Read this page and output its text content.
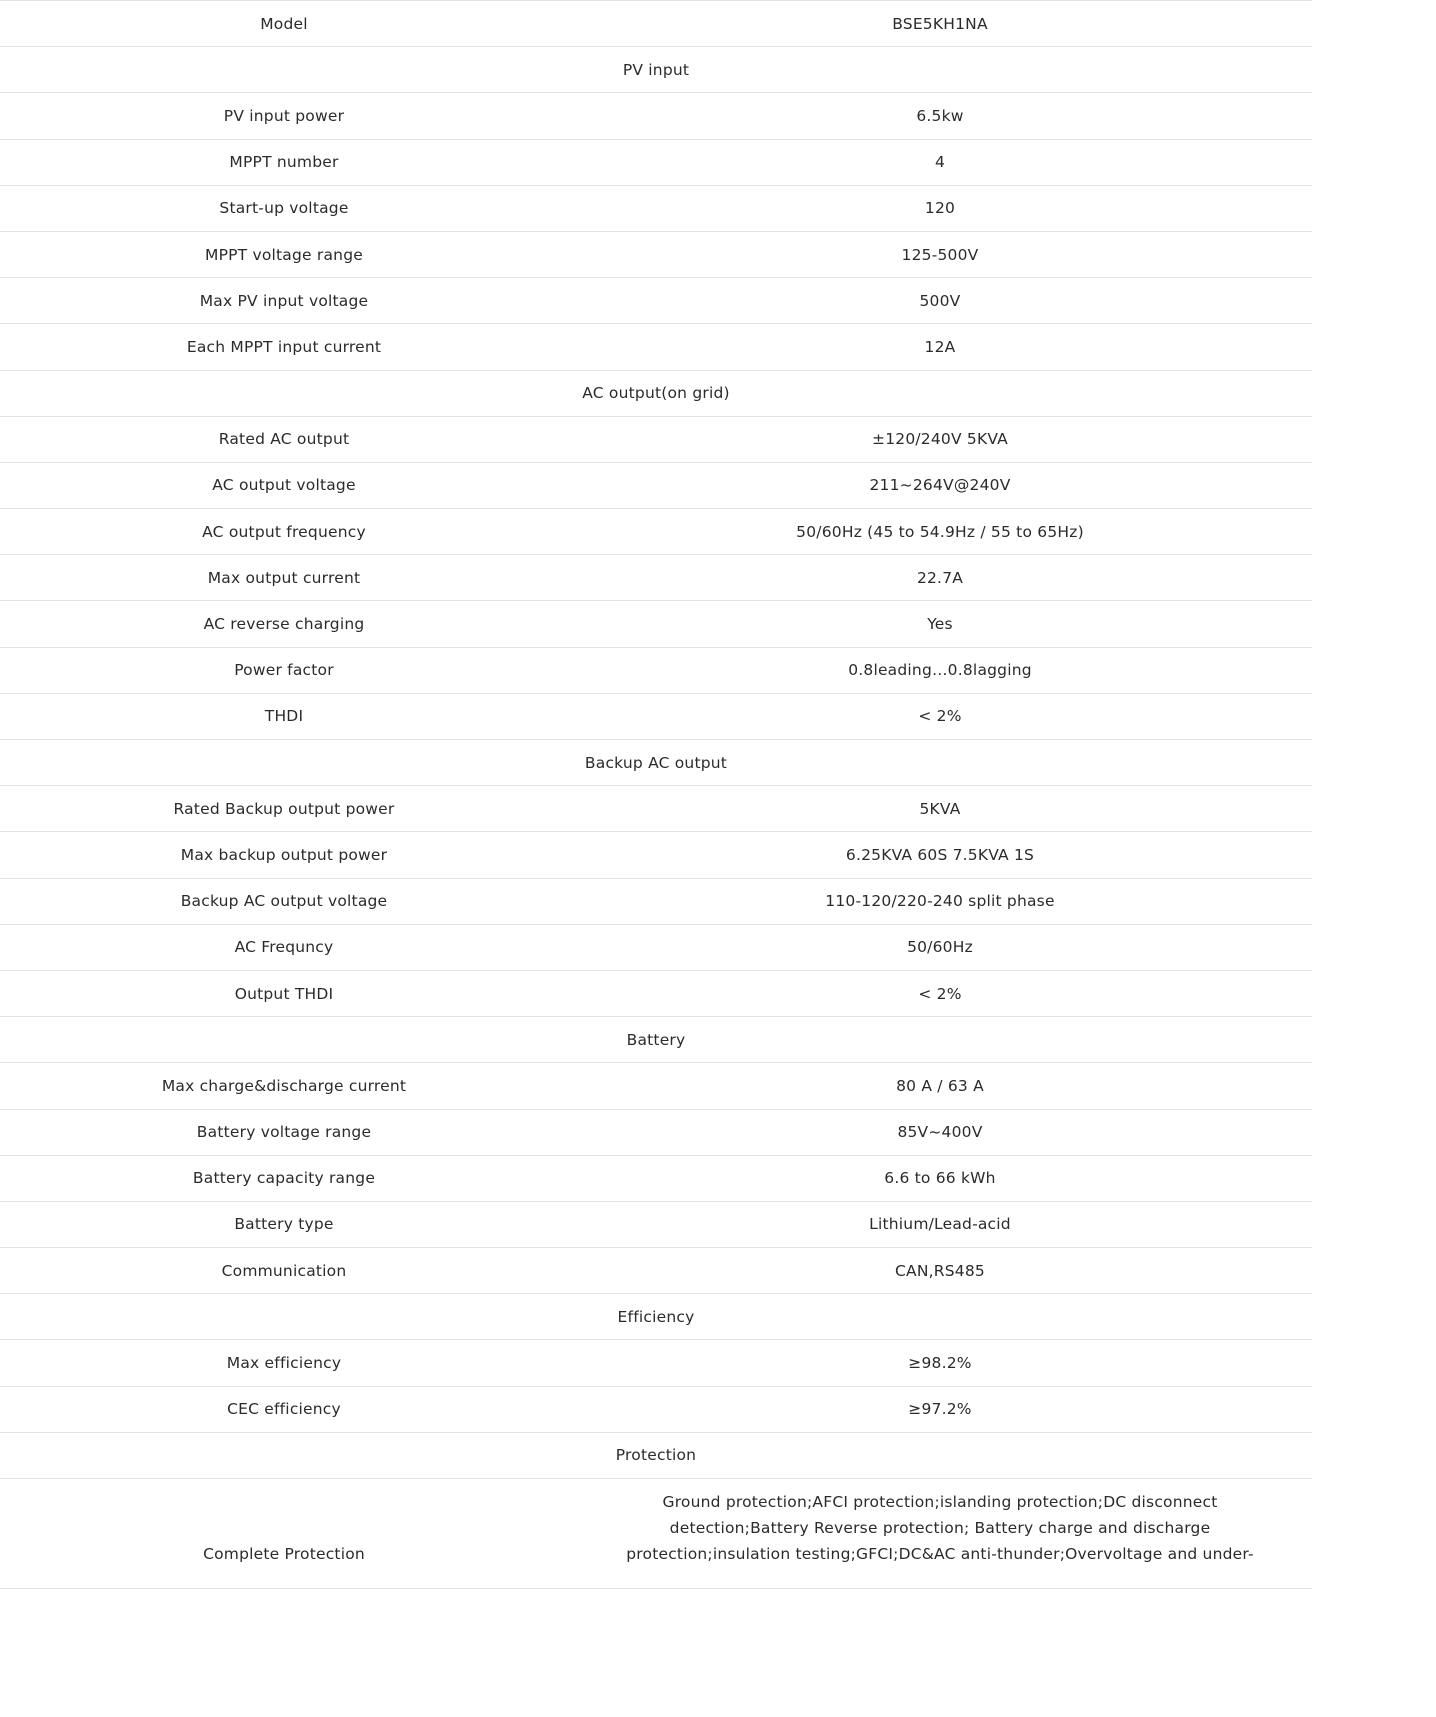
Model	BSE5KH1NA
PV input	
PV input power	6.5kw
MPPT number	4
Start-up voltage	120
MPPT voltage range	125-500V
Max PV input voltage	500V
Each MPPT input current	12A
AC output(on grid)	
Rated AC output	±120/240V 5KVA
AC output voltage	211~264V@240V
AC output frequency	50/60Hz (45 to 54.9Hz / 55 to 65Hz)
Max output current	22.7A
AC reverse charging	Yes
Power factor	0.8leading…0.8lagging
THDI	< 2%
Backup AC output	
Rated Backup output power	5KVA
Max backup output power	6.25KVA 60S 7.5KVA 1S
Backup AC output voltage	110-120/220-240 split phase
AC Frequncy	50/60Hz
Output THDI	< 2%
Battery	
Max charge&discharge current	80 A / 63 A
Battery voltage range	85V~400V
Battery capacity range	6.6 to 66 kWh
Battery type	Lithium/Lead-acid
Communication	CAN,RS485
Efficiency	
Max efficiency	≥98.2%
CEC efficiency	≥97.2%
Protection	
Complete Protection	Ground protection;AFCI protection;islanding protection;DC disconnect detection;Battery Reverse protection; Battery charge and discharge protection;insulation testing;GFCI;DC&AC anti-thunder;Overvoltage and under-
